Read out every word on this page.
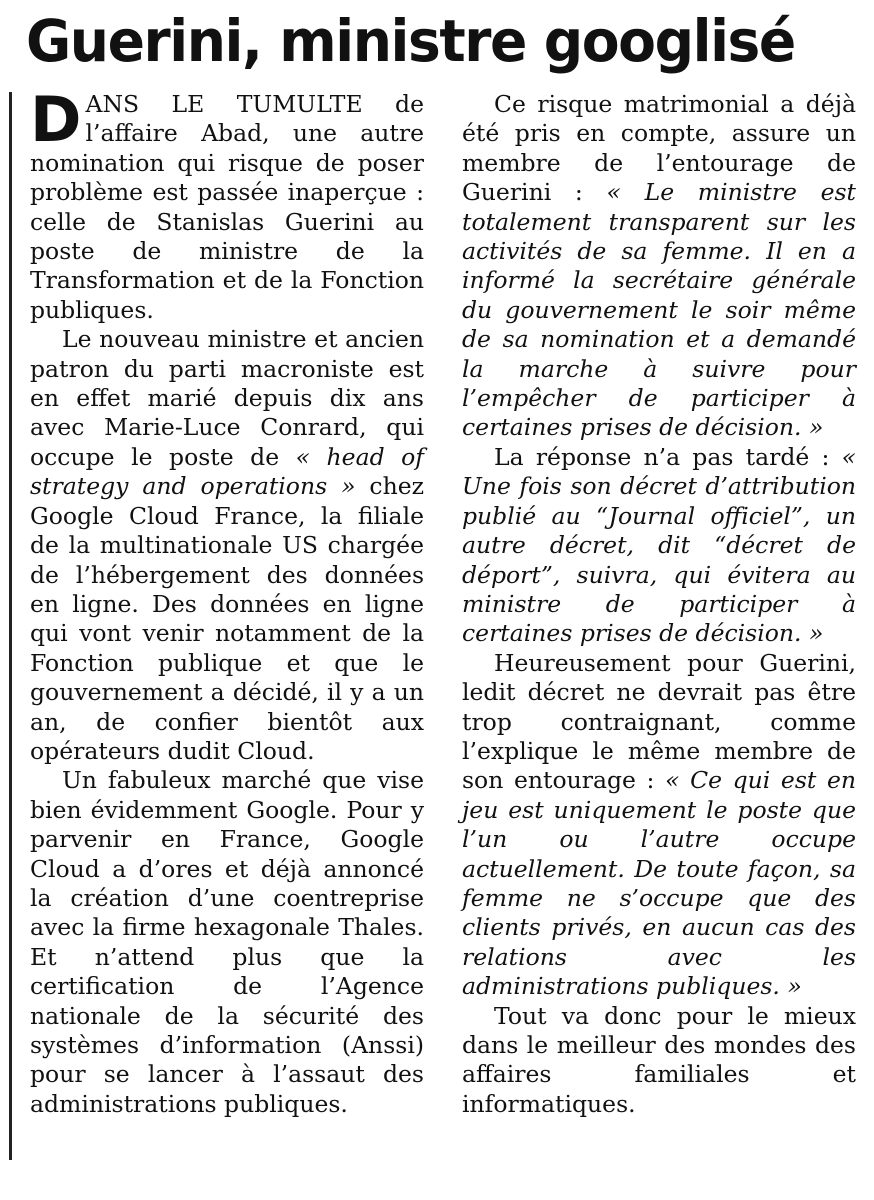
Guerini, ministre googlisé

DANS LE TUMULTE de l’affaire Abad, une autre nomination qui risque de poser problème est passée inaperçue : celle de Stanislas Guerini au poste de ministre de la Transformation et de la Fonction publiques.

Le nouveau ministre et ancien patron du parti macroniste est en effet marié depuis dix ans avec Marie-Luce Conrard, qui occupe le poste de « head of strategy and operations » chez Google Cloud France, la filiale de la multinationale US chargée de l’hébergement des données en ligne. Des données en ligne qui vont venir notamment de la Fonction publique et que le gouvernement a décidé, il y a un an, de confier bientôt aux opérateurs dudit Cloud.

Un fabuleux marché que vise bien évidemment Google. Pour y parvenir en France, Google Cloud a d’ores et déjà annoncé la création d’une coentreprise avec la firme hexagonale Thales. Et n’attend plus que la certification de l’Agence nationale de la sécurité des systèmes d’information (Anssi) pour se lancer à l’assaut des administrations publiques.

Ce risque matrimonial a déjà été pris en compte, assure un membre de l’entourage de Guerini : « Le ministre est totalement transparent sur les activités de sa femme. Il en a informé la secrétaire générale du gouvernement le soir même de sa nomination et a demandé la marche à suivre pour l’empêcher de participer à certaines prises de décision. »

La réponse n’a pas tardé : « Une fois son décret d’attribution publié au “Journal officiel”, un autre décret, dit “décret de déport”, suivra, qui évitera au ministre de participer à certaines prises de décision. »

Heureusement pour Guerini, ledit décret ne devrait pas être trop contraignant, comme l’explique le même membre de son entourage : « Ce qui est en jeu est uniquement le poste que l’un ou l’autre occupe actuellement. De toute façon, sa femme ne s’occupe que des clients privés, en aucun cas des relations avec les administrations publiques. »

Tout va donc pour le mieux dans le meilleur des mondes des affaires familiales et informatiques.
